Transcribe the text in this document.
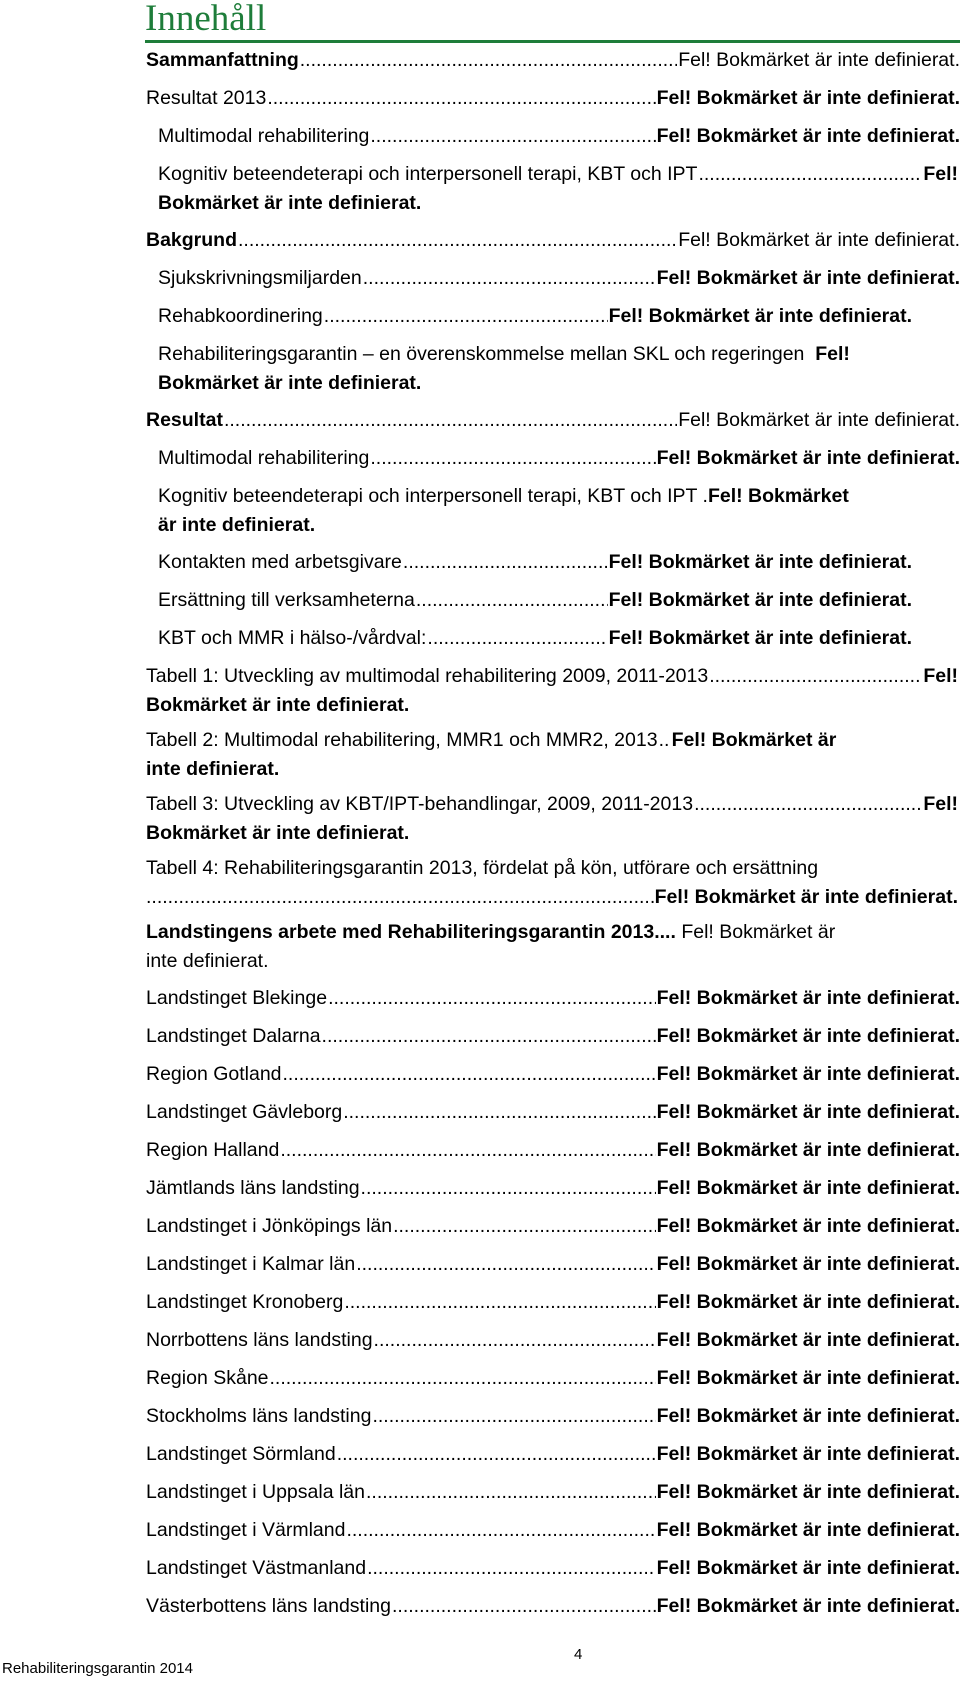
Innehåll
Sammanfattning .....	Fel! Bokmärket är inte definierat.
Resultat 2013 .....	Fel! Bokmärket är inte definierat.
Multimodal rehabilitering .....	Fel! Bokmärket är inte definierat.
Kognitiv beteendeterapi och interpersonell terapi, KBT och IPT .....	Fel!
Bokmärket är inte definierat.
Bakgrund .....	Fel! Bokmärket är inte definierat.
Sjukskrivningsmiljarden .....	Fel! Bokmärket är inte definierat.
Rehabkoordinering .....	Fel! Bokmärket är inte definierat.
Rehabiliteringsgarantin – en överenskommelse mellan SKL och regeringen Fel!
Bokmärket är inte definierat.
Resultat .....	Fel! Bokmärket är inte definierat.
Multimodal rehabilitering .....	Fel! Bokmärket är inte definierat.
Kognitiv beteendeterapi och interpersonell terapi, KBT och IPT .Fel! Bokmärket
är inte definierat.
Kontakten med arbetsgivare .....	Fel! Bokmärket är inte definierat.
Ersättning till verksamheterna .....	Fel! Bokmärket är inte definierat.
KBT och MMR i hälso-/vårdval: .....	Fel! Bokmärket är inte definierat.
Tabell 1: Utveckling av multimodal rehabilitering 2009, 2011-2013 .....	Fel!
Bokmärket är inte definierat.
Tabell 2: Multimodal rehabilitering, MMR1 och MMR2, 2013 ..... Fel! Bokmärket är
inte definierat.
Tabell 3: Utveckling av KBT/IPT-behandlingar, 2009, 2011-2013 .....	Fel!
Bokmärket är inte definierat.
Tabell 4: Rehabiliteringsgarantin 2013, fördelat på kön, utförare och ersättning
.....
Fel! Bokmärket är inte definierat.
Landstingens arbete med Rehabiliteringsgarantin 2013 ....
Fel! Bokmärket är
inte definierat.
Landstinget Blekinge .....	Fel! Bokmärket är inte definierat.
Landstinget Dalarna .....	Fel! Bokmärket är inte definierat.
Region Gotland .....	Fel! Bokmärket är inte definierat.
Landstinget Gävleborg .....	Fel! Bokmärket är inte definierat.
Region Halland .....	Fel! Bokmärket är inte definierat.
Jämtlands läns landsting .....	Fel! Bokmärket är inte definierat.
Landstinget i Jönköpings län .....	Fel! Bokmärket är inte definierat.
Landstinget i Kalmar län .....	Fel! Bokmärket är inte definierat.
Landstinget Kronoberg .....	Fel! Bokmärket är inte definierat.
Norrbottens läns landsting .....	Fel! Bokmärket är inte definierat.
Region Skåne .....	Fel! Bokmärket är inte definierat.
Stockholms läns landsting .....	Fel! Bokmärket är inte definierat.
Landstinget Sörmland .....	Fel! Bokmärket är inte definierat.
Landstinget i Uppsala län .....	Fel! Bokmärket är inte definierat.
Landstinget i Värmland .....	Fel! Bokmärket är inte definierat.
Landstinget Västmanland .....	Fel! Bokmärket är inte definierat.
Västerbottens läns landsting .....	Fel! Bokmärket är inte definierat.
4
Rehabiliteringsgarantin 2014
